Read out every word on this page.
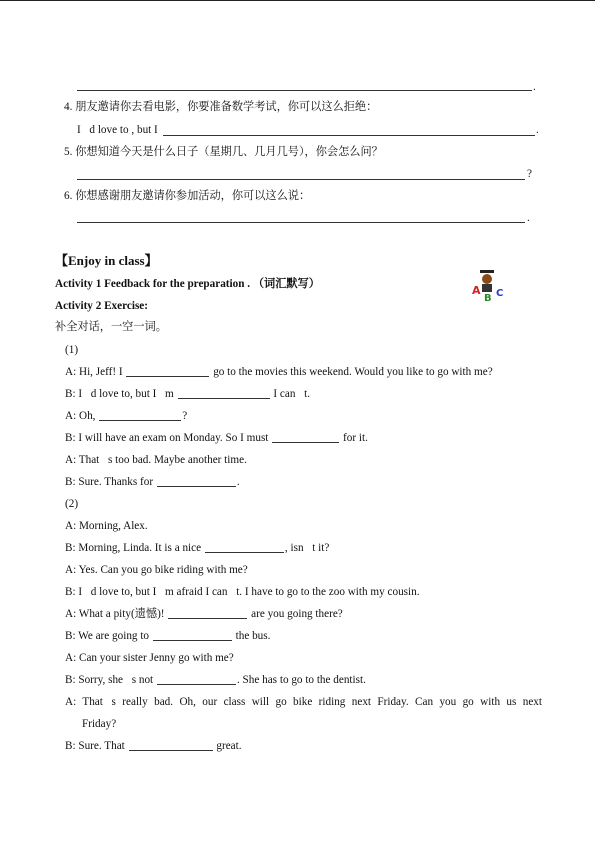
.
4. 朋友邀请你去看电影，你要准备数学考试，你可以这么拒绝：
I d love to , but I	.
5. 你想知道今天是什么日子（星期几、几月几号），你会怎么问？
?
6. 你想感谢朋友邀请你参加活动，你可以这么说：
.
【Enjoy in class】
Activity 1 Feedback for the preparation . （词汇默写）
Activity 2 Exercise:
补全对话，一空一词。
A
B C
(1)
A: Hi, Jeff! I	go to the movies this weekend. Would you like to go with me?
B: I d love to, but I m	I can t.
A: Oh,	?
B: I will have an exam on Monday. So I must	for it.
A: That s too bad. Maybe another time.
B: Sure. Thanks for	.
(2)
A: Morning, Alex.
B: Morning, Linda. It is a nice	, isn t it?
A: Yes. Can you go bike riding with me?
B: I d love to, but I m afraid I can t. I have to go to the zoo with my cousin.
A: What a pity(遗憾)!	are you going there?
B: We are going to	the bus.
A: Can your sister Jenny go with me?
B: Sorry, she s not	. She has to go to the dentist.
A: That s really bad. Oh, our class will go bike riding next Friday. Can you go with us next
Friday?
B: Sure. That	great.
